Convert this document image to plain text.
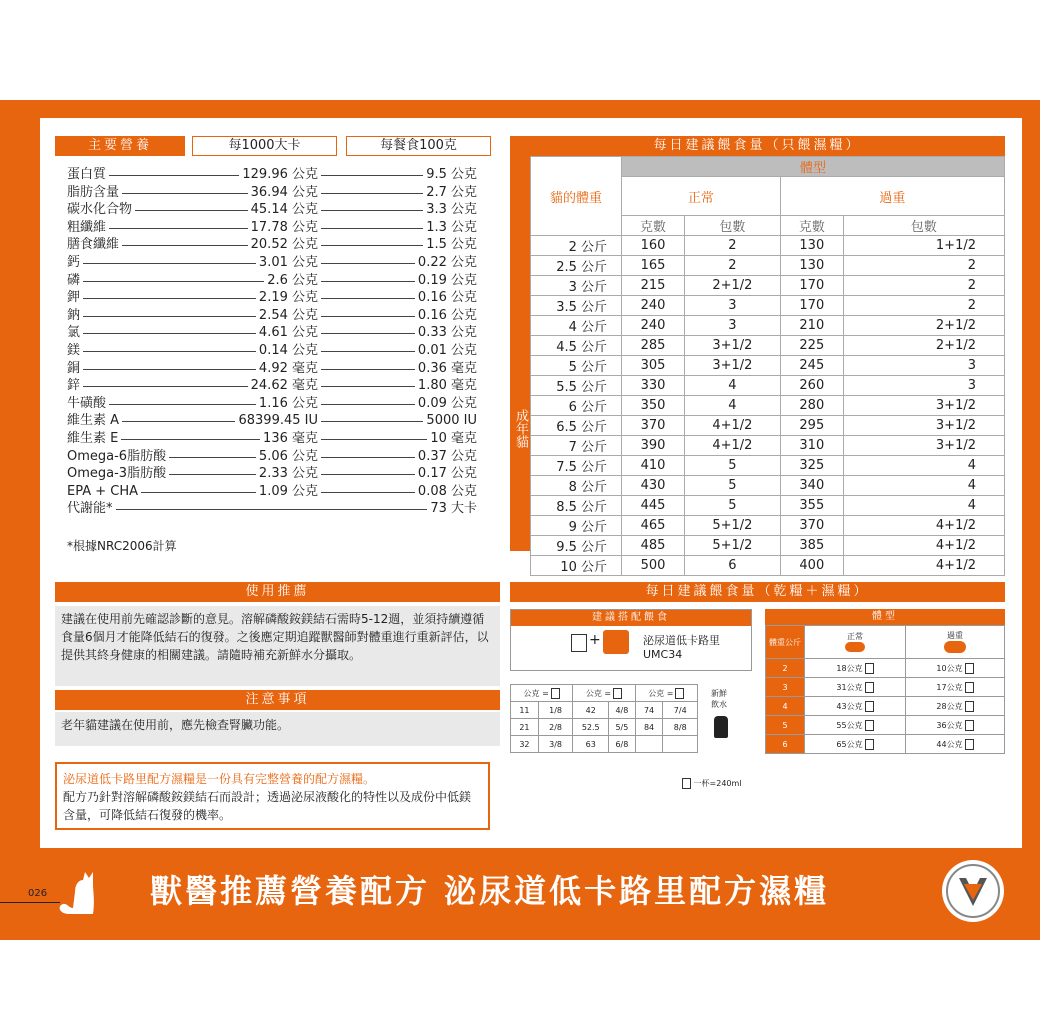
主要營養	每1000大卡	每餐食100克
蛋白質	129.96 公克	9.5 公克
脂肪含量	36.94 公克	2.7 公克
碳水化合物	45.14 公克	3.3 公克
粗纖維	17.78 公克	1.3 公克
膳食纖維	20.52 公克	1.5 公克
鈣	3.01 公克	0.22 公克
磷	2.6 公克	0.19 公克
鉀	2.19 公克	0.16 公克
鈉	2.54 公克	0.16 公克
氯	4.61 公克	0.33 公克
鎂	0.14 公克	0.01 公克
銅	4.92 毫克	0.36 毫克
鋅	24.62 毫克	1.80 毫克
牛磺酸	1.16 公克	0.09 公克
維生素 A	68399.45 IU	5000 IU
維生素 E	136 毫克	10 毫克
Omega-6脂肪酸	5.06 公克	0.37 公克
Omega-3脂肪酸	2.33 公克	0.17 公克
EPA + CHA	1.09 公克	0.08 公克
代謝能*	73 大卡
*根據NRC2006計算
每日建議餵食量（只餵濕糧）
成年貓
貓的體重	體型			
	正常		過重	
	克數	包數	克數	包數
2 公斤	160	2	130	1+1/2
2.5 公斤	165	2	130	2
3 公斤	215	2+1/2	170	2
3.5 公斤	240	3	170	2
4 公斤	240	3	210	2+1/2
4.5 公斤	285	3+1/2	225	2+1/2
5 公斤	305	3+1/2	245	3
5.5 公斤	330	4	260	3
6 公斤	350	4	280	3+1/2
6.5 公斤	370	4+1/2	295	3+1/2
7 公斤	390	4+1/2	310	3+1/2
7.5 公斤	410	5	325	4
8 公斤	430	5	340	4
8.5 公斤	445	5	355	4
9 公斤	465	5+1/2	370	4+1/2
9.5 公斤	485	5+1/2	385	4+1/2
10 公斤	500	6	400	4+1/2
使用推薦
建議在使用前先確認診斷的意見。溶解磷酸銨鎂結石需時5-12週，並須持續遵循食量6個月才能降低結石的復發。之後應定期追蹤獸醫師對體重進行重新評估，以提供其終身健康的相關建議。請隨時補充新鮮水分攝取。
注意事項
老年貓建議在使用前，應先檢查腎臟功能。
泌尿道低卡路里配方濕糧是一份具有完整營養的配方濕糧。
配方乃針對溶解磷酸銨鎂結石而設計；透過泌尿液酸化的特性以及成份中低鎂含量，可降低結石復發的機率。
每日建議餵食量（乾糧＋濕糧）
建議搭配餵食
+	泌尿道低卡路里
UMC34
公克 =		公克 =		公克 =	
11	1/8	42	4/8	74	7/4
21	2/8	52.5	5/5	84	8/8
32	3/8	63	6/8		
新鮮
飲水
一杯=240ml
體型
體重公斤	正常	過重

2	18公克	10公克
3	31公克	17公克
4	43公克	28公克
5	55公克	36公克
6	65公克	44公克
026	獸醫推薦營養配方 泌尿道低卡路里配方濕糧
